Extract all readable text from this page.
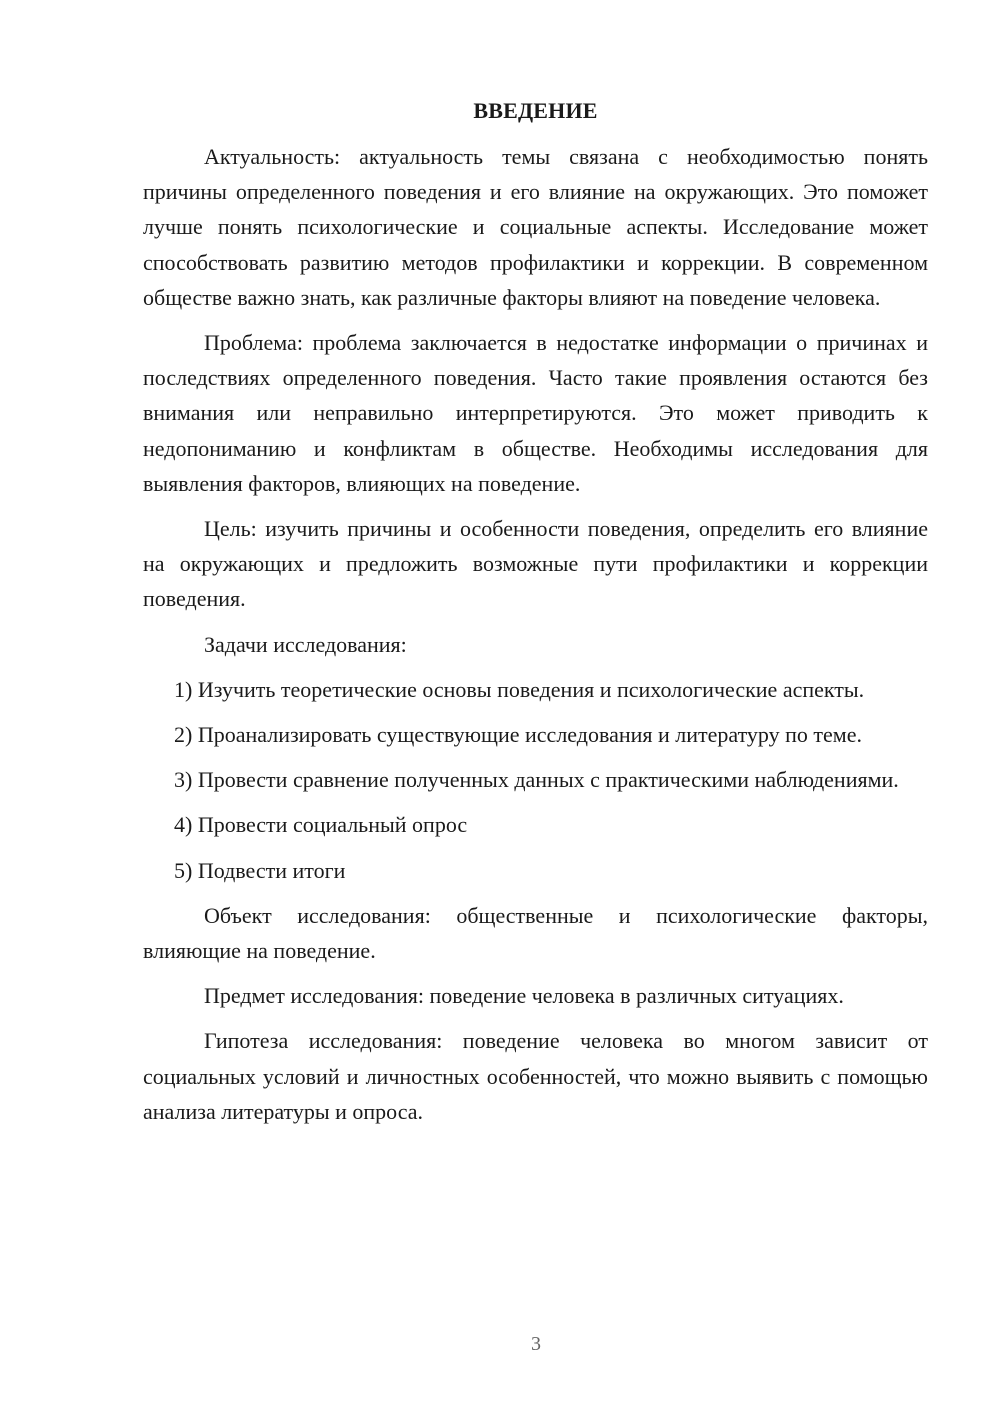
ВВЕДЕНИЕ

Актуальность: актуальность темы связана с необходимостью понять причины определенного поведения и его влияние на окружающих. Это поможет лучше понять психологические и социальные аспекты. Исследование может способствовать развитию методов профилактики и коррекции. В современном обществе важно знать, как различные факторы влияют на поведение человека.

Проблема: проблема заключается в недостатке информации о причинах и последствиях определенного поведения. Часто такие проявления остаются без внимания или неправильно интерпретируются. Это может приводить к недопониманию и конфликтам в обществе. Необходимы исследования для выявления факторов, влияющих на поведение.

Цель: изучить причины и особенности поведения, определить его влияние на окружающих и предложить возможные пути профилактики и коррекции поведения.

Задачи исследования:

1) Изучить теоретические основы поведения и психологические аспекты.

2) Проанализировать существующие исследования и литературу по теме.

3) Провести сравнение полученных данных с практическими наблюдениями.

4) Провести социальный опрос

5) Подвести итоги

Объект исследования: общественные и психологические факторы, влияющие на поведение.

Предмет исследования: поведение человека в различных ситуациях.

Гипотеза исследования: поведение человека во многом зависит от социальных условий и личностных особенностей, что можно выявить с помощью анализа литературы и опроса.

3
